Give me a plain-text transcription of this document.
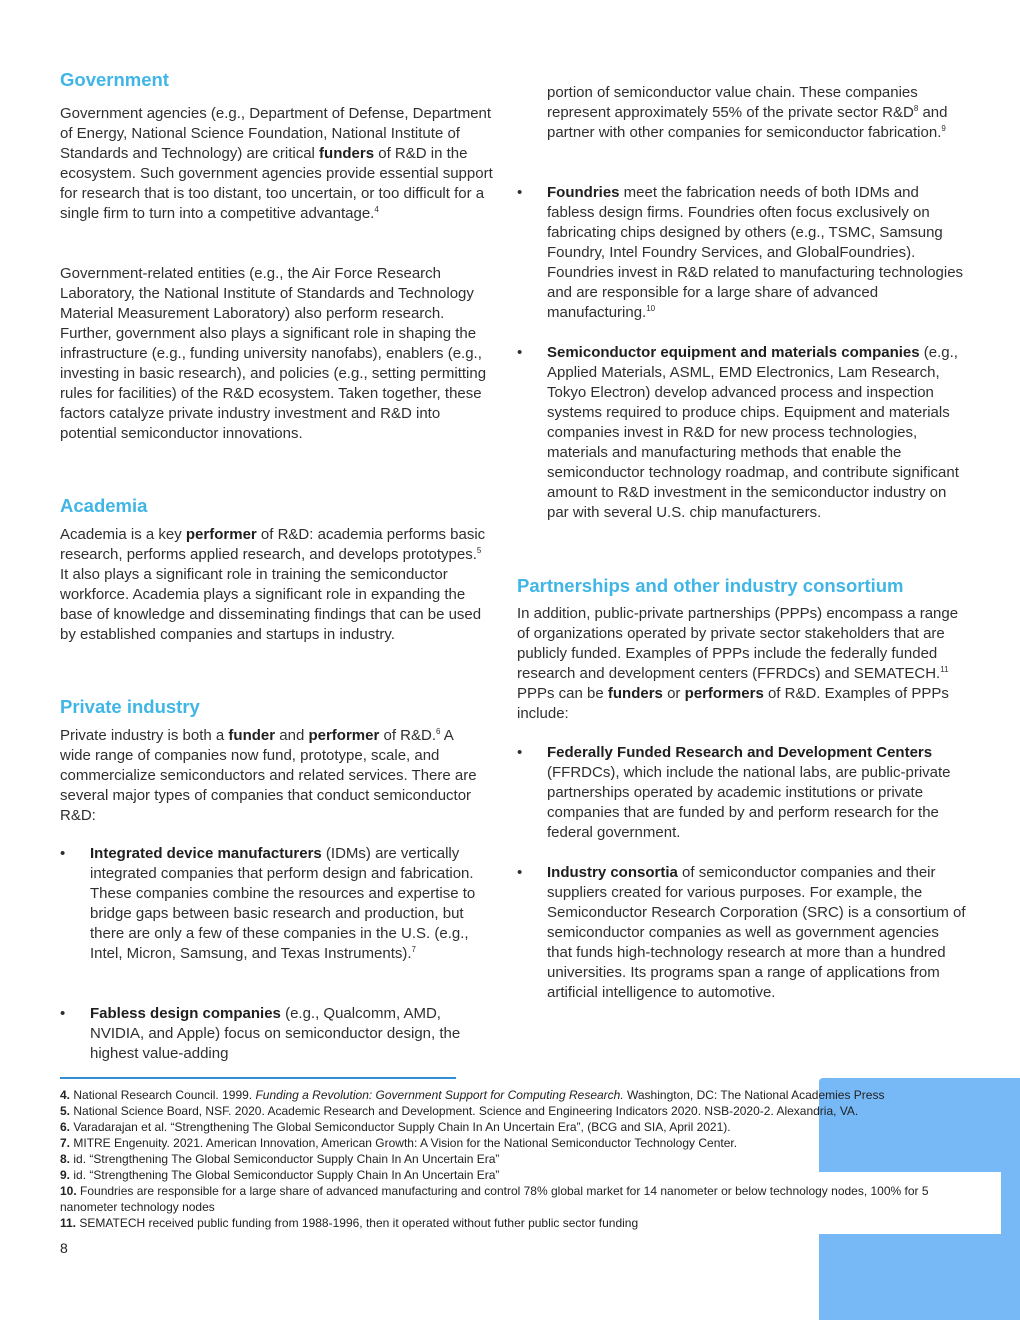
Government

Government agencies (e.g., Department of Defense, Department of Energy, National Science Foundation, National Institute of Standards and Technology) are critical funders of R&D in the ecosystem. Such government agencies provide essential support for research that is too distant, too uncertain, or too difficult for a single firm to turn into a competitive advantage.$^4$

Government-related entities (e.g., the Air Force Research Laboratory, the National Institute of Standards and Technology Material Measurement Laboratory) also perform research. Further, government also plays a significant role in shaping the infrastructure (e.g., funding university nanofabs), enablers (e.g., investing in basic research), and policies (e.g., setting permitting rules for facilities) of the R&D ecosystem. Taken together, these factors catalyze private industry investment and R&D into potential semiconductor innovations.

Academia

Academia is a key performer of R&D: academia performs basic research, performs applied research, and develops prototypes.$^5$  It also plays a significant role in training the semiconductor workforce. Academia plays a significant role in expanding the base of knowledge and disseminating findings that can be used by established companies and startups in industry.

Private industry

Private industry is both a funder and performer of R&D.$^6$ A wide range of companies now fund, prototype, scale, and commercialize semiconductors and related services. There are several major types of companies that conduct semiconductor R&D:

• Integrated device manufacturers (IDMs) are vertically integrated companies that perform design and fabrication. These companies combine the resources and expertise to bridge gaps between basic research and production, but there are only a few of these companies in the U.S. (e.g., Intel, Micron, Samsung, and Texas Instruments).$^7$

• Fabless design companies (e.g., Qualcomm, AMD, NVIDIA, and Apple) focus on semiconductor design, the highest value-adding

portion of semiconductor value chain. These companies represent approximately 55% of the private sector $R\&D^8$ and partner with other companies for semiconductor fabrication.$^9$

• Foundries meet the fabrication needs of both IDMs and fabless design firms. Foundries often focus exclusively on fabricating chips designed by others (e.g., TSMC, Samsung Foundry, Intel Foundry Services, and GlobalFoundries). Foundries invest in R&D related to manufacturing technologies and are responsible for a large share of advanced manufacturing.$^{10}$

• Semiconductor equipment and materials companies (e.g., Applied Materials, ASML, EMD Electronics, Lam Research, Tokyo Electron) develop advanced process and inspection systems required to produce chips. Equipment and materials companies invest in R&D for new process technologies, materials and manufacturing methods that enable the semiconductor technology roadmap, and contribute significant amount to R&D investment in the semiconductor industry on par with several U.S. chip manufacturers.

Partnerships and other industry consortium

In addition, public-private partnerships (PPPs) encompass a range of organizations operated by private sector stakeholders that are publicly funded. Examples of PPPs include the federally funded research and development centers (FFRDCs) and SEMATECH.$^{11}$ PPPs can be funders or performers of R&D. Examples of PPPs include:

• Federally Funded Research and Development Centers (FFRDCs), which include the national labs, are public-private partnerships operated by academic institutions or private companies that are funded by and perform research for the federal government.

• Industry consortia of semiconductor companies and their suppliers created for various purposes. For example, the Semiconductor Research Corporation (SRC) is a consortium of semiconductor companies as well as government agencies that funds high-technology research at more than a hundred universities. Its programs span a range of applications from artificial intelligence to automotive.

4. National Research Council. 1999. Funding a Revolution: Government Support for Computing Research. Washington, DC: The National Academies Press
5. National Science Board, NSF. 2020. Academic Research and Development. Science and Engineering Indicators 2020. NSB-2020-2. Alexandria, VA.
6. Varadarajan et al. “Strengthening The Global Semiconductor Supply Chain In An Uncertain Era”, (BCG and SIA, April 2021).
7. MITRE Engenuity. 2021. American Innovation, American Growth: A Vision for the National Semiconductor Technology Center.
8. id. “Strengthening The Global Semiconductor Supply Chain In An Uncertain Era”
9. id. “Strengthening The Global Semiconductor Supply Chain In An Uncertain Era”
10. Foundries are responsible for a large share of advanced manufacturing and control 78% global market for 14 nanometer or below technology nodes, 100% for 5 nanometer technology nodes
11. SEMATECH received public funding from 1988-1996, then it operated without futher public sector funding
8
